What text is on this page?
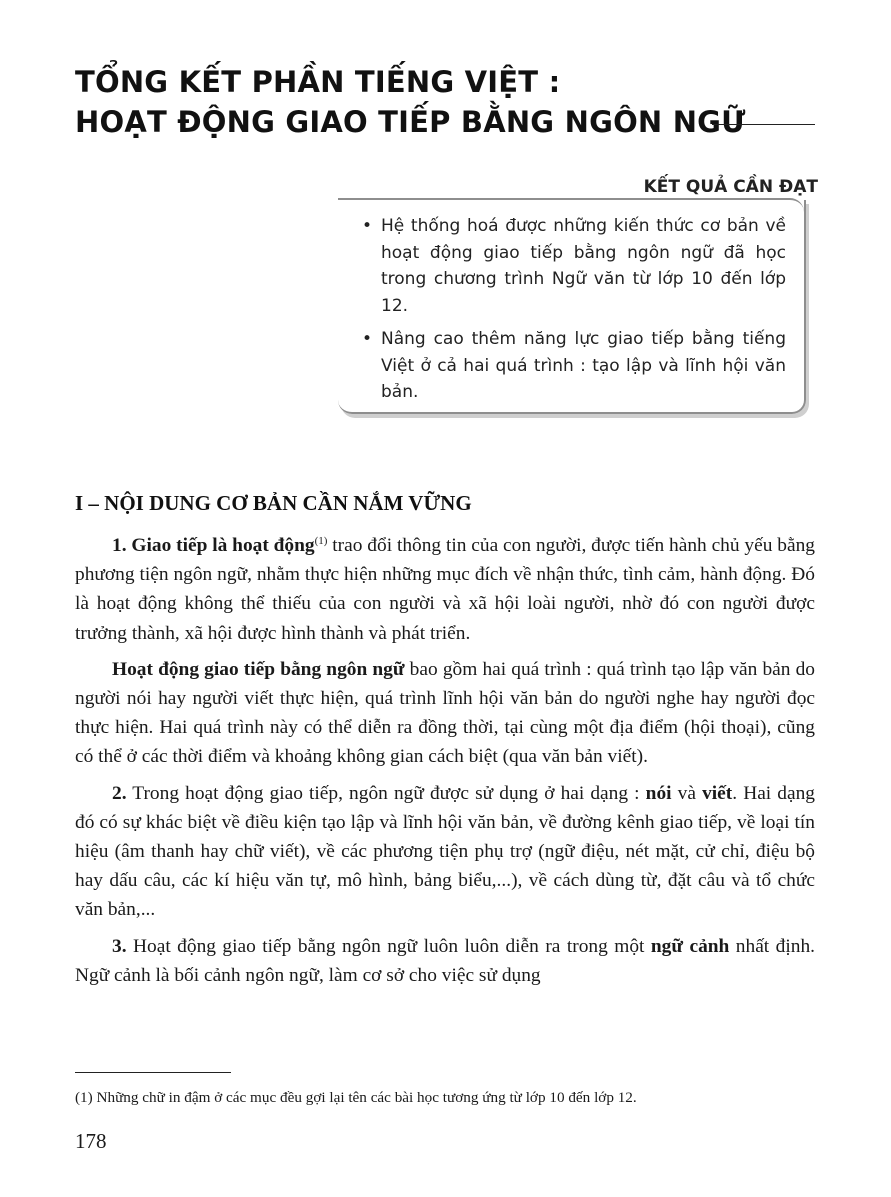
TỔNG KẾT PHẦN TIẾNG VIỆT :
HOẠT ĐỘNG GIAO TIẾP BẰNG NGÔN NGỮ
KẾT QUẢ CẦN ĐẠT
• Hệ thống hoá được những kiến thức cơ bản về hoạt động giao tiếp bằng ngôn ngữ đã học trong chương trình Ngữ văn từ lớp 10 đến lớp 12.
• Nâng cao thêm năng lực giao tiếp bằng tiếng Việt ở cả hai quá trình : tạo lập và lĩnh hội văn bản.
I – NỘI DUNG CƠ BẢN CẦN NẮM VỮNG

1. Giao tiếp là hoạt động$^{(1)}$ trao đổi thông tin của con người, được tiến hành chủ yếu bằng phương tiện ngôn ngữ, nhằm thực hiện những mục đích về nhận thức, tình cảm, hành động. Đó là hoạt động không thể thiếu của con người và xã hội loài người, nhờ đó con người được trưởng thành, xã hội được hình thành và phát triển.

Hoạt động giao tiếp bằng ngôn ngữ bao gồm hai quá trình : quá trình tạo lập văn bản do người nói hay người viết thực hiện, quá trình lĩnh hội văn bản do người nghe hay người đọc thực hiện. Hai quá trình này có thể diễn ra đồng thời, tại cùng một địa điểm (hội thoại), cũng có thể ở các thời điểm và khoảng không gian cách biệt (qua văn bản viết).

2. Trong hoạt động giao tiếp, ngôn ngữ được sử dụng ở hai dạng : nói và viết. Hai dạng đó có sự khác biệt về điều kiện tạo lập và lĩnh hội văn bản, về đường kênh giao tiếp, về loại tín hiệu (âm thanh hay chữ viết), về các phương tiện phụ trợ (ngữ điệu, nét mặt, cử chỉ, điệu bộ hay dấu câu, các kí hiệu văn tự, mô hình, bảng biểu,...), về cách dùng từ, đặt câu và tổ chức văn bản,...

3. Hoạt động giao tiếp bằng ngôn ngữ luôn luôn diễn ra trong một ngữ cảnh nhất định. Ngữ cảnh là bối cảnh ngôn ngữ, làm cơ sở cho việc sử dụng

(1) Những chữ in đậm ở các mục đều gợi lại tên các bài học tương ứng từ lớp 10 đến lớp 12.
178
